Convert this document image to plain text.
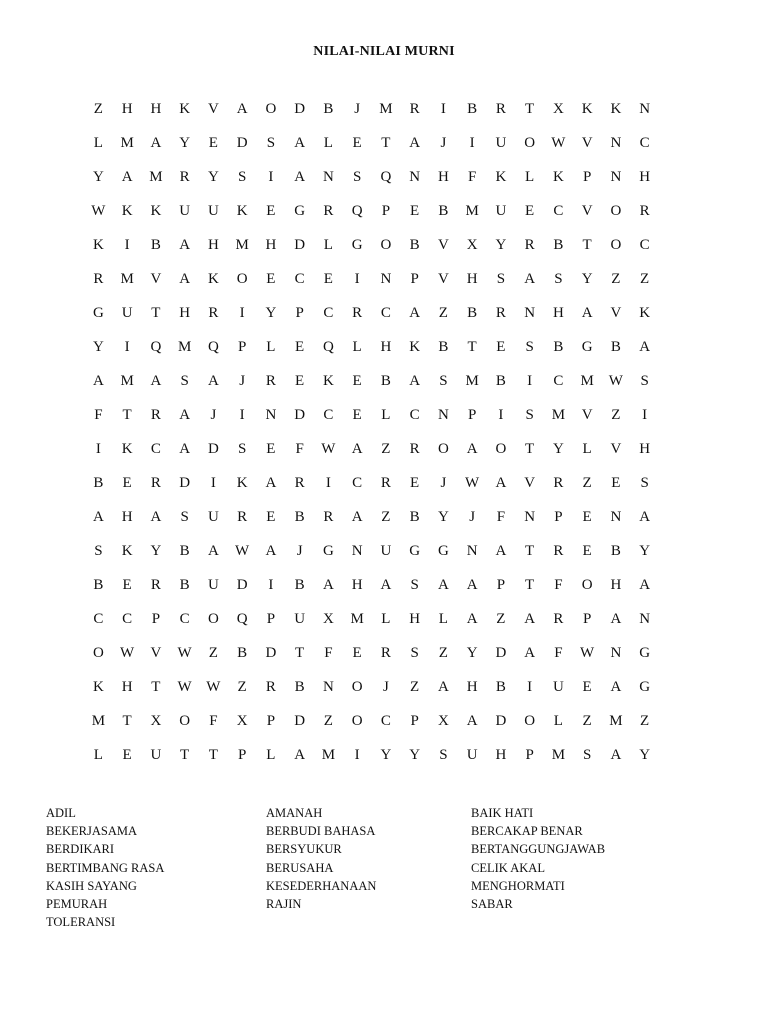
NILAI-NILAI MURNI
Z	H	H	K	V	A	O	D	B	J	M	R	I	B	R	T	X	K	K	N
L	M	A	Y	E	D	S	A	L	E	T	A	J	I	U	O	W	V	N	C
Y	A	M	R	Y	S	I	A	N	S	Q	N	H	F	K	L	K	P	N	H
W	K	K	U	U	K	E	G	R	Q	P	E	B	M	U	E	C	V	O	R
K	I	B	A	H	M	H	D	L	G	O	B	V	X	Y	R	B	T	O	C
R	M	V	A	K	O	E	C	E	I	N	P	V	H	S	A	S	Y	Z	Z
G	U	T	H	R	I	Y	P	C	R	C	A	Z	B	R	N	H	A	V	K
Y	I	Q	M	Q	P	L	E	Q	L	H	K	B	T	E	S	B	G	B	A
A	M	A	S	A	J	R	E	K	E	B	A	S	M	B	I	C	M W	S
F	T	R	A	J	I	N	D	C	E	L	C	N	P	I	S	M	V	Z	I
I	K	C	A	D	S	E	F	W	A	Z	R	O	A	O	T	Y	L	V	H
B	E	R	D	I	K	A	R	I	C	R	E	J	W	A	V	R	Z	E	S
A	H	A	S	U	R	E	B	R	A	Z	B	Y	J	F	N	P	E	N	A
S	K	Y	B	A	W	A	J	G	N	U	G	G	N	A	T	R	E	B	Y
B	E	R	B	U	D	I	B	A	H	A	S	A	A	P	T	F	O	H	A
C	C	P	C	O	Q	P	U	X	M	L	H	L	A	Z	A	R	P	A	N
O	W	V	W	Z	B	D	T	F	E	R	S	Z	Y	D	A	F	W	N	G
K	H	T	W W	Z	R	B	N	O	J	Z	A	H	B	I	U	E	A	G
M	T	X	O	F	X	P	D	Z	O	C	P	X	A	D	O	L	Z	M	Z
L	E	U	T	T	P	L	A	M	I	Y	Y	S	U	H	P	M	S	A	Y
ADIL
BEKERJASAMA
BERDIKARI
BERTIMBANG RASA
KASIH SAYANG
PEMURAH
TOLERANSI
AMANAH
BERBUDI BAHASA
BERSYUKUR
BERUSAHA
KESEDERHANAAN
RAJIN
BAIK HATI
BERCAKAP BENAR
BERTANGGUNGJAWAB
CELIK AKAL
MENGHORMATI
SABAR
